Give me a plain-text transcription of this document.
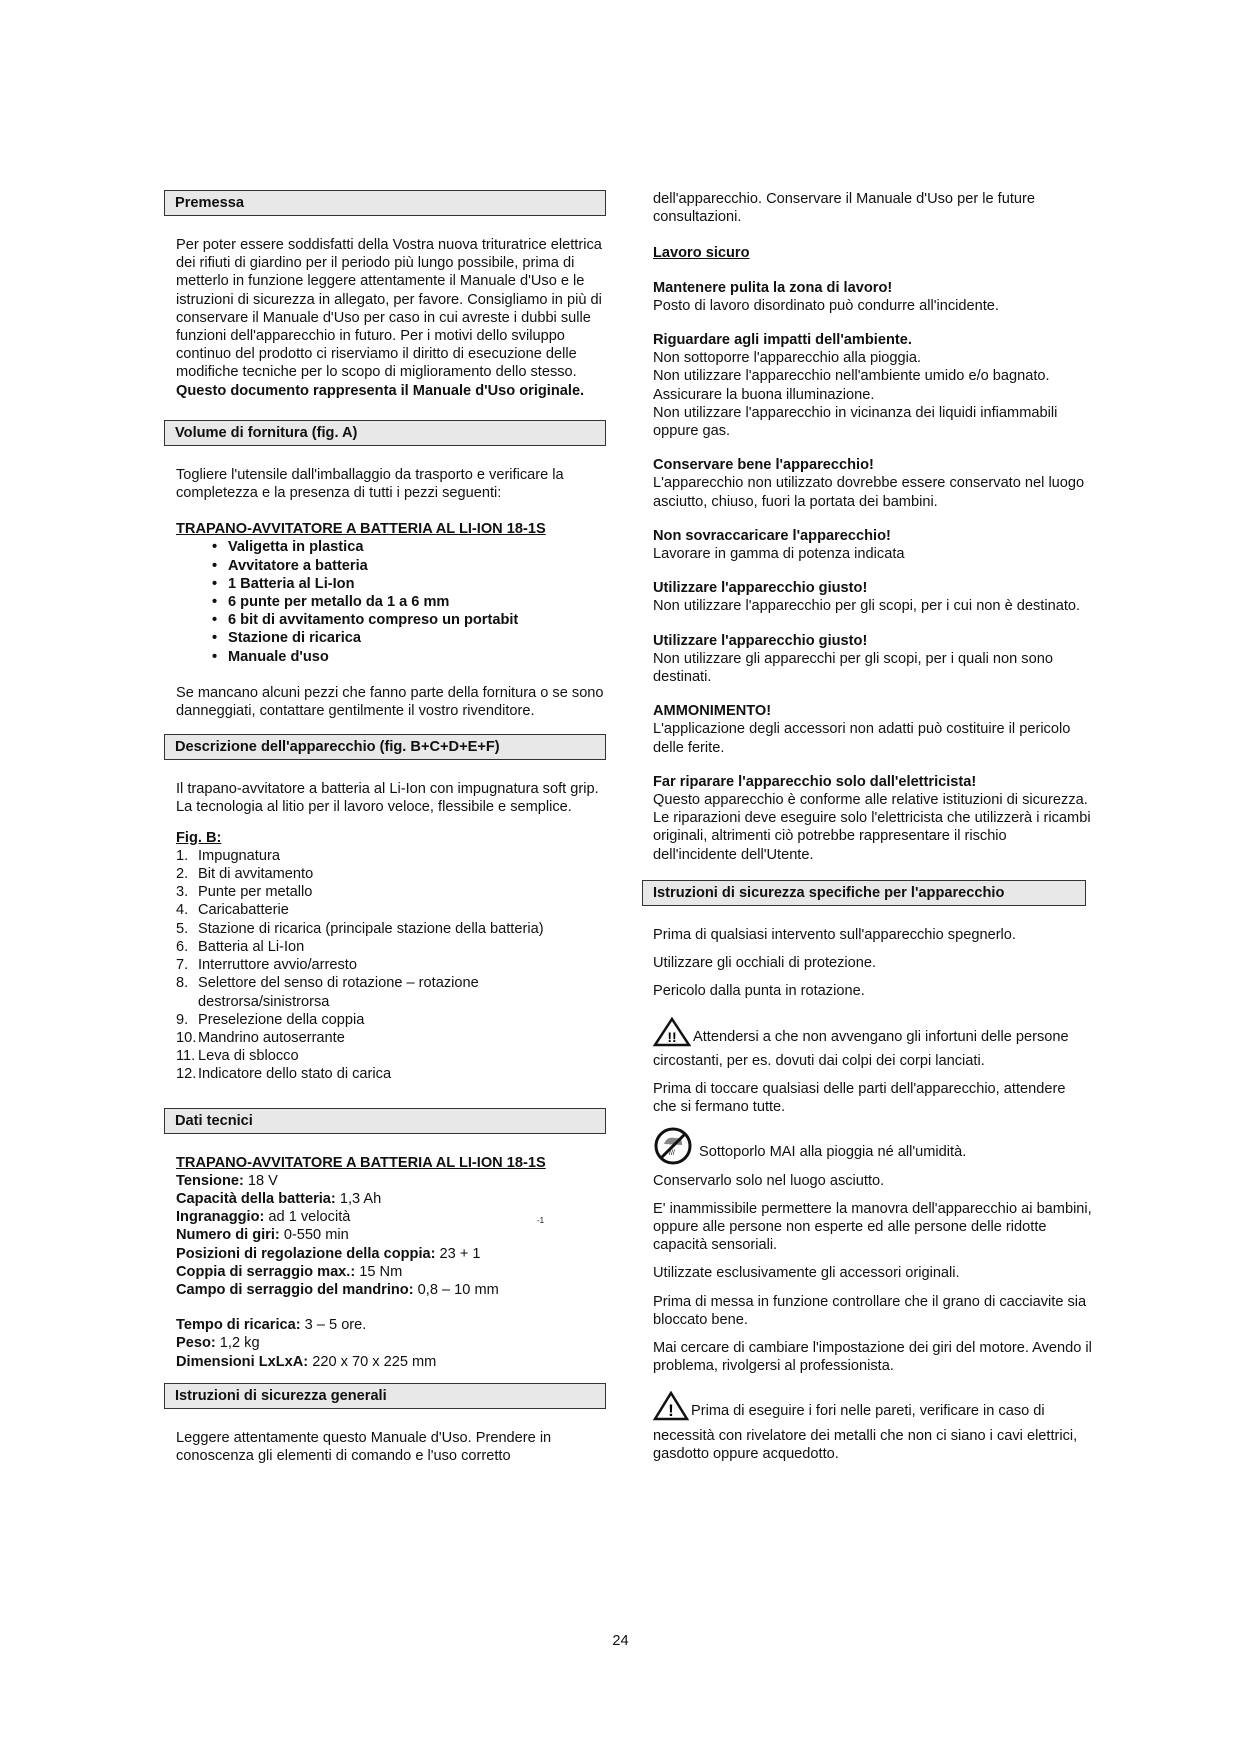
Premessa

Per poter essere soddisfatti della Vostra nuova trituratrice elettrica dei rifiuti di giardino per il periodo più lungo possibile, prima di metterlo in funzione leggere attentamente il Manuale d'Uso e le istruzioni di sicurezza in allegato, per favore. Consigliamo in più di conservare il Manuale d'Uso per caso in cui avreste i dubbi sulle funzioni dell'apparecchio in futuro. Per i motivi dello sviluppo continuo del prodotto ci riserviamo il diritto di esecuzione delle modifiche tecniche per lo scopo di miglioramento dello stesso.

Questo documento rappresenta il Manuale d'Uso originale.

Volume di fornitura (fig. A)

Togliere l'utensile dall'imballaggio da trasporto e verificare la completezza e la presenza di tutti i pezzi seguenti:

TRAPANO-AVVITATORE A BATTERIA AL LI-ION 18-1S

• Valigetta in plastica
• Avvitatore a batteria
• 1 Batteria al Li-Ion
• 6 punte per metallo da 1 a 6 mm
• 6 bit di avvitamento compreso un portabit
• Stazione di ricarica
• Manuale d'uso

Se mancano alcuni pezzi che fanno parte della fornitura o se sono danneggiati, contattare gentilmente il vostro rivenditore.

Descrizione dell'apparecchio (fig. B+C+D+E+F)

Il trapano-avvitatore a batteria al Li-Ion con impugnatura soft grip. La tecnologia al litio per il lavoro veloce, flessibile e semplice.

Fig. B:

1. Impugnatura
2. Bit di avvitamento
3. Punte per metallo
4. Caricabatterie
5. Stazione di ricarica (principale stazione della batteria)
6. Batteria al Li-Ion
7. Interruttore avvio/arresto
8. Selettore del senso di rotazione – rotazione destrorsa/sinistrorsa
9. Preselezione della coppia
10. Mandrino autoserrante
11. Leva di sblocco
12. Indicatore dello stato di carica
Dati tecnici

TRAPANO-AVVITATORE A BATTERIA AL LI-ION 18-1S

Tensione: 18 V

Capacità della batteria: 1,3 Ah

Ingranaggio: ad 1 velocità

Numero di giri: 0-550 min

Posizioni di regolazione della coppia: 23 + 1

Coppia di serraggio max.: 15 Nm

Campo di serraggio del mandrino: 0,8 – 10 mm

-1

Tempo di ricarica: 3 – 5 ore.

Peso: 1,2 kg

Dimensioni LxLxA: 220 x 70 x 225 mm

Istruzioni di sicurezza generali

Leggere attentamente questo Manuale d'Uso. Prendere in conoscenza gli elementi di comando e l'uso corretto

dell'apparecchio. Conservare il Manuale d'Uso per le future consultazioni.

Lavoro sicuro

Mantenere pulita la zona di lavoro!

Posto di lavoro disordinato può condurre all'incidente.

Riguardare agli impatti dell'ambiente.

Non sottoporre l'apparecchio alla pioggia.
Non utilizzare l'apparecchio nell'ambiente umido e/o bagnato.
Assicurare la buona illuminazione.
Non utilizzare l'apparecchio in vicinanza dei liquidi infiammabili oppure gas.

Conservare bene l'apparecchio!

L'apparecchio non utilizzato dovrebbe essere conservato nel luogo asciutto, chiuso, fuori la portata dei bambini.

Non sovraccaricare l'apparecchio!

Lavorare in gamma di potenza indicata

Utilizzare l'apparecchio giusto!

Non utilizzare l'apparecchio per gli scopi, per i cui non è destinato.

Utilizzare l'apparecchio giusto!

Non utilizzare gli apparecchi per gli scopi, per i quali non sono destinati.

AMMONIMENTO!

L'applicazione degli accessori non adatti può costituire il pericolo delle ferite.

Far riparare l'apparecchio solo dall'elettricista!

Questo apparecchio è conforme alle relative istituzioni di sicurezza. Le riparazioni deve eseguire solo l'elettricista che utilizzerà i ricambi originali, altrimenti ciò potrebbe rappresentare il rischio dell'incidente dell'Utente.

Istruzioni di sicurezza specifiche per l'apparecchio

Prima di qualsiasi intervento sull'apparecchio spegnerlo.

Utilizzare gli occhiali di protezione.

Pericolo dalla punta in rotazione.

!! Attendersi a che non avvengano gli infortuni delle persone circostanti, per es. dovuti dai colpi dei corpi lanciati.

Prima di toccare qualsiasi delle parti dell'apparecchio, attendere che si fermano tutte.

/// Sottoporlo MAI alla pioggia né all'umidità.

Conservarlo solo nel luogo asciutto.

E' inammissibile permettere la manovra dell'apparecchio ai bambini, oppure alle persone non esperte ed alle persone delle ridotte capacità sensoriali.

Utilizzate esclusivamente gli accessori originali.

Prima di messa in funzione controllare che il grano di cacciavite sia bloccato bene.

Mai cercare di cambiare l'impostazione dei giri del motore. Avendo il problema, rivolgersi al professionista.

! Prima di eseguire i fori nelle pareti, verificare in caso di necessità con rivelatore dei metalli che non ci siano i cavi elettrici, gasdotto oppure acquedotto.

24
